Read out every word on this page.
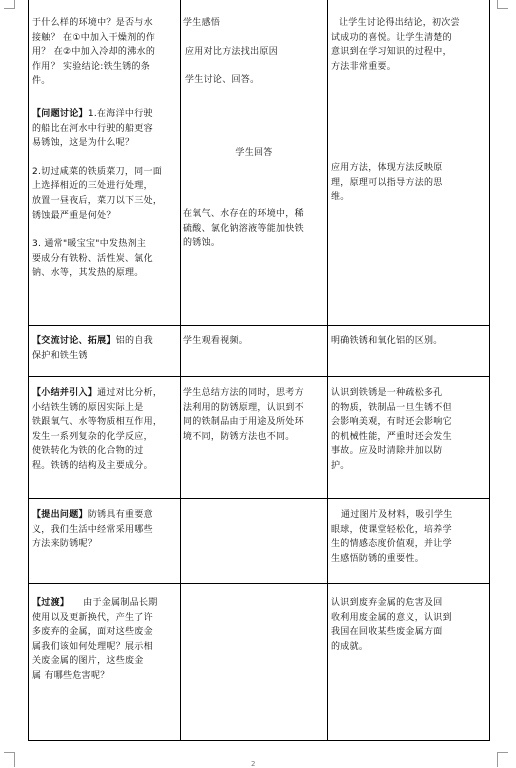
于什么样的环境中？是否与水

接触？ 在①中加入干燥剂的作

用？ 在②中加入冷却的沸水的

作用？ 实验结论:铁生锈的条

件。

【问题讨论】1.在海洋中行驶

的船比在河水中行驶的船更容

易锈蚀，这是为什么呢？

2.切过咸菜的铁质菜刀，同一面

上选择相近的三处进行处理，

放置一昼夜后，菜刀以下三处，

锈蚀最严重是何处？

3. 通常"暖宝宝"中发热剂主

要成分有铁粉、活性炭、氯化

钠、水等，其发热的原理。

学生感悟

应用对比方法找出原因

学生讨论、回答。

学生回答

在氧气、水存在的环境中，稀

硫酸、氯化钠溶液等能加快铁

的锈蚀。

让学生讨论得出结论，初次尝

试成功的喜悦。让学生清楚的

意识到在学习知识的过程中，

方法非常重要。

应用方法，体现方法反映原

理，原理可以指导方法的思

维。

【交流讨论、拓展】铝的自我

保护和铁生锈

学生观看视频。	明确铁锈和氧化铝的区别。

【小结并引入】通过对比分析，

小结铁生锈的原因实际上是

铁跟氧气、水等物质相互作用，

发生一系列复杂的化学反应，

使铁转化为铁的化合物的过

程。铁锈的结构及主要成分。

学生总结方法的同时，思考方

法利用的防锈原理，认识到不

同的铁制品由于用途及所处环

境不同，防锈方法也不同。

认识到铁锈是一种疏松多孔

的物质，铁制品一旦生锈不但

会影响美观，有时还会影响它

的机械性能，严重时还会发生

事故。应及时清除并加以防

护。

【提出问题】防锈具有重要意

义，我们生活中经常采用哪些

方法来防锈呢？

通过图片及材料，吸引学生

眼球，使课堂轻松化，培养学

生的情感态度价值观，并让学

生感悟防锈的重要性。

【过渡】 由于金属制品长期

使用以及更新换代，产生了许

多废弃的金属，面对这些废金

属我们该如何处理呢？展示相

关废金属的图片，这些废金

属 有哪些危害呢？

认识到废弃金属的危害及回

收利用废金属的意义，认识到

我国在回收某些废金属方面

的成就。

2
